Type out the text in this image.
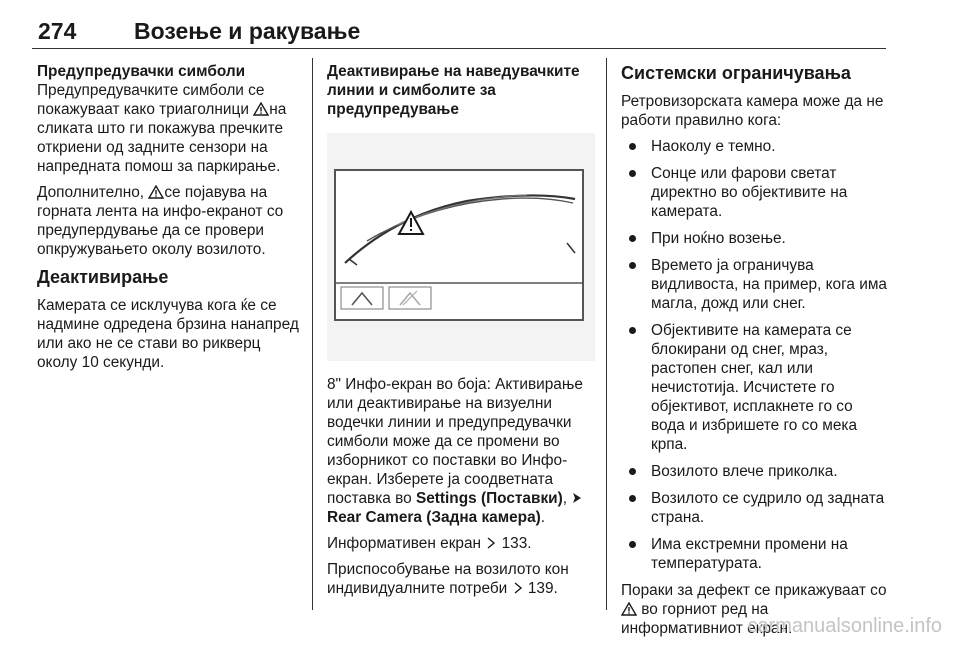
274	Возење и ракување

Предупредувачки симболи

Предупредувачките симболи се покажуваат како триаголници на сликата што ги покажува пречките откриени од задните сензори на напредната помош за паркирање.

Дополнително, се појавува на горната лента на инфо-екранот со предупердување да се провери опкружувањето околу возилото.

Деактивирање

Камерата се исклучува кога ќе се надмине одредена брзина нанапред или ако не се стави во рикверц околу 10 секунди.

Деактивирање на наведувачките линии и симболите за предупредување

8" Инфо-екран во боја: Активирање или деактивирање на визуелни водечки линии и предупредувачки симболи може да се промени во изборникот со поставки во Инфо-екран. Изберете ја соодветната поставка во Settings (Поставки),  Rear Camera (Задна камера).

Информативен екран  133.

Приспособување на возилото кон индивидуалните потреби  139.

Системски ограничувања

Ретровизорската камера може да не работи правилно кога:

Наоколу е темно.
Сонце или фарови светат директно во објективите на камерата.
При ноќно возење.
Времето ја ограничува видливоста, на пример, кога има магла, дожд или снег.
Објективите на камерата се блокирани од снег, мраз, растопен снег, кал или нечистотија. Исчистете го објективот, исплакнете го со вода и избришете го со мека крпа.
Возилото влече приколка.
Возилото се судрило од задната страна.
Има екстремни промени на температурата.

Пораки за дефект се прикажуваат со  во горниот ред на информативниот екран.

carmanualsonline.info
